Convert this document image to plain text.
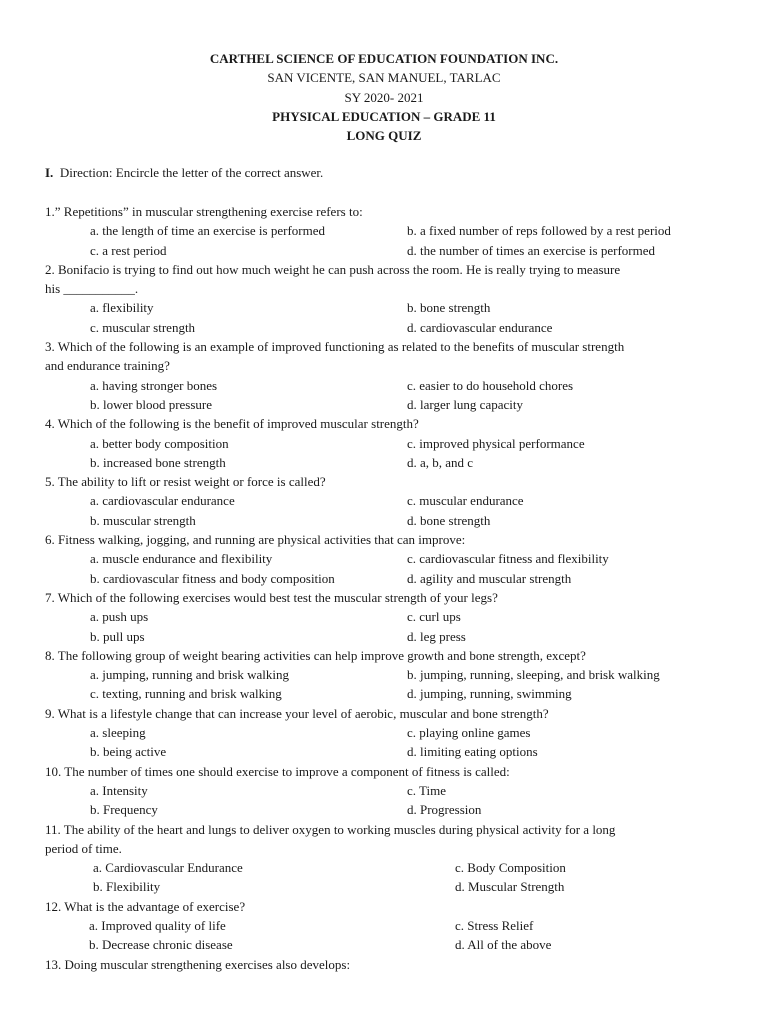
CARTHEL SCIENCE OF EDUCATION FOUNDATION INC.
SAN VICENTE, SAN MANUEL, TARLAC
SY 2020- 2021
PHYSICAL EDUCATION – GRADE 11
LONG QUIZ
I. Direction: Encircle the letter of the correct answer.
1.” Repetitions” in muscular strengthening exercise refers to:
a. the length of time an exercise is performed	b. a fixed number of reps followed by a rest period
c. a rest period	d. the number of times an exercise is performed
2. Bonifacio is trying to find out how much weight he can push across the room. He is really trying to measure
his ___________.
a. flexibility	b. bone strength
c. muscular strength	d. cardiovascular endurance
3. Which of the following is an example of improved functioning as related to the benefits of muscular strength
and endurance training?
a. having stronger bones	c. easier to do household chores
b. lower blood pressure	d. larger lung capacity
4. Which of the following is the benefit of improved muscular strength?
a. better body composition	c. improved physical performance
b. increased bone strength	d. a, b, and c
5. The ability to lift or resist weight or force is called?
a. cardiovascular endurance	c. muscular endurance
b. muscular strength	d. bone strength
6. Fitness walking, jogging, and running are physical activities that can improve:
a. muscle endurance and flexibility	c. cardiovascular fitness and flexibility
b. cardiovascular fitness and body composition	d. agility and muscular strength
7. Which of the following exercises would best test the muscular strength of your legs?
a. push ups	c. curl ups
b. pull ups	d. leg press
8. The following group of weight bearing activities can help improve growth and bone strength, except?
a. jumping, running and brisk walking	b. jumping, running, sleeping, and brisk walking
c. texting, running and brisk walking	d. jumping, running, swimming
9. What is a lifestyle change that can increase your level of aerobic, muscular and bone strength?
a. sleeping	c. playing online games
b. being active	d. limiting eating options
10. The number of times one should exercise to improve a component of fitness is called:
a. Intensity	c. Time
b. Frequency	d. Progression
11. The ability of the heart and lungs to deliver oxygen to working muscles during physical activity for a long
period of time.
a. Cardiovascular Endurance	c. Body Composition
b. Flexibility	d. Muscular Strength
12. What is the advantage of exercise?
a. Improved quality of life	c. Stress Relief
b. Decrease chronic disease	d. All of the above
13. Doing muscular strengthening exercises also develops:
